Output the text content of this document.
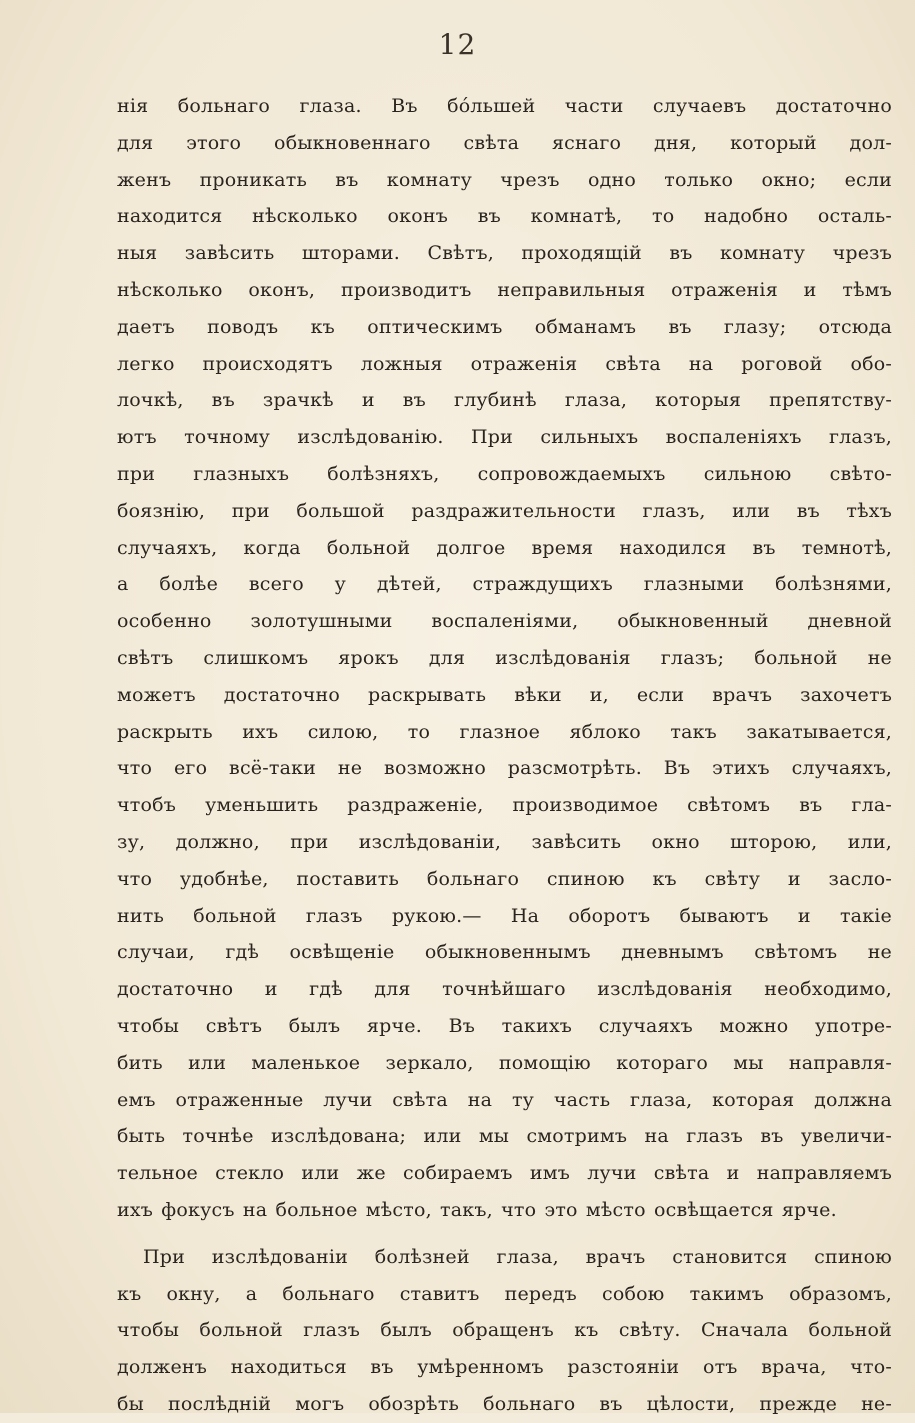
12
нія больнаго глаза. Въ бо́льшей части случаевъ достаточно
для этого обыкновеннаго свѣта яснаго дня, который дол-
женъ проникать въ комнату чрезъ одно только окно; если
находится нѣсколько оконъ въ комнатѣ, то надобно осталь-
ныя завѣсить шторами. Свѣтъ, проходящій въ комнату чрезъ
нѣсколько оконъ, производитъ неправильныя отраженія и тѣмъ
даетъ поводъ къ оптическимъ обманамъ въ глазу; отсюда
легко происходятъ ложныя отраженія свѣта на роговой обо-
лочкѣ, въ зрачкѣ и въ глубинѣ глаза, которыя препятству-
ютъ точному изслѣдованію. При сильныхъ воспаленіяхъ глазъ,
при глазныхъ болѣзняхъ, сопровождаемыхъ сильною свѣто-
боязнію, при большой раздражительности глазъ, или въ тѣхъ
случаяхъ, когда больной долгое время находился въ темнотѣ,
а болѣе всего у дѣтей, страждущихъ глазными болѣзнями,
особенно золотушными воспаленіями, обыкновенный дневной
свѣтъ слишкомъ ярокъ для изслѣдованія глазъ; больной не
можетъ достаточно раскрывать вѣки и, если врачъ захочетъ
раскрыть ихъ силою, то глазное яблоко такъ закатывается,
что его всё-таки не возможно разсмотрѣть. Въ этихъ случаяхъ,
чтобъ уменьшить раздраженіе, производимое свѣтомъ въ гла-
зу, должно, при изслѣдованіи, завѣсить окно шторою, или,
что удобнѣе, поставить больнаго спиною къ свѣту и засло-
нить больной глазъ рукою.— На оборотъ бываютъ и такіе
случаи, гдѣ освѣщеніе обыкновеннымъ дневнымъ свѣтомъ не
достаточно и гдѣ для точнѣйшаго изслѣдованія необходимо,
чтобы свѣтъ былъ ярче. Въ такихъ случаяхъ можно употре-
бить или маленькое зеркало, помощію котораго мы направля-
емъ отраженные лучи свѣта на ту часть глаза, которая должна
быть точнѣе изслѣдована; или мы смотримъ на глазъ въ увеличи-
тельное стекло или же собираемъ имъ лучи свѣта и направляемъ
ихъ фокусъ на больное мѣсто, такъ, что это мѣсто освѣщается ярче.
При изслѣдованіи болѣзней глаза, врачъ становится спиною
къ окну, а больнаго ставитъ передъ собою такимъ образомъ,
чтобы больной глазъ былъ обращенъ къ свѣту. Сначала больной
долженъ находиться въ умѣренномъ разстояніи отъ врача, что-
бы послѣдній могъ обозрѣть больнаго въ цѣлости, прежде не-
